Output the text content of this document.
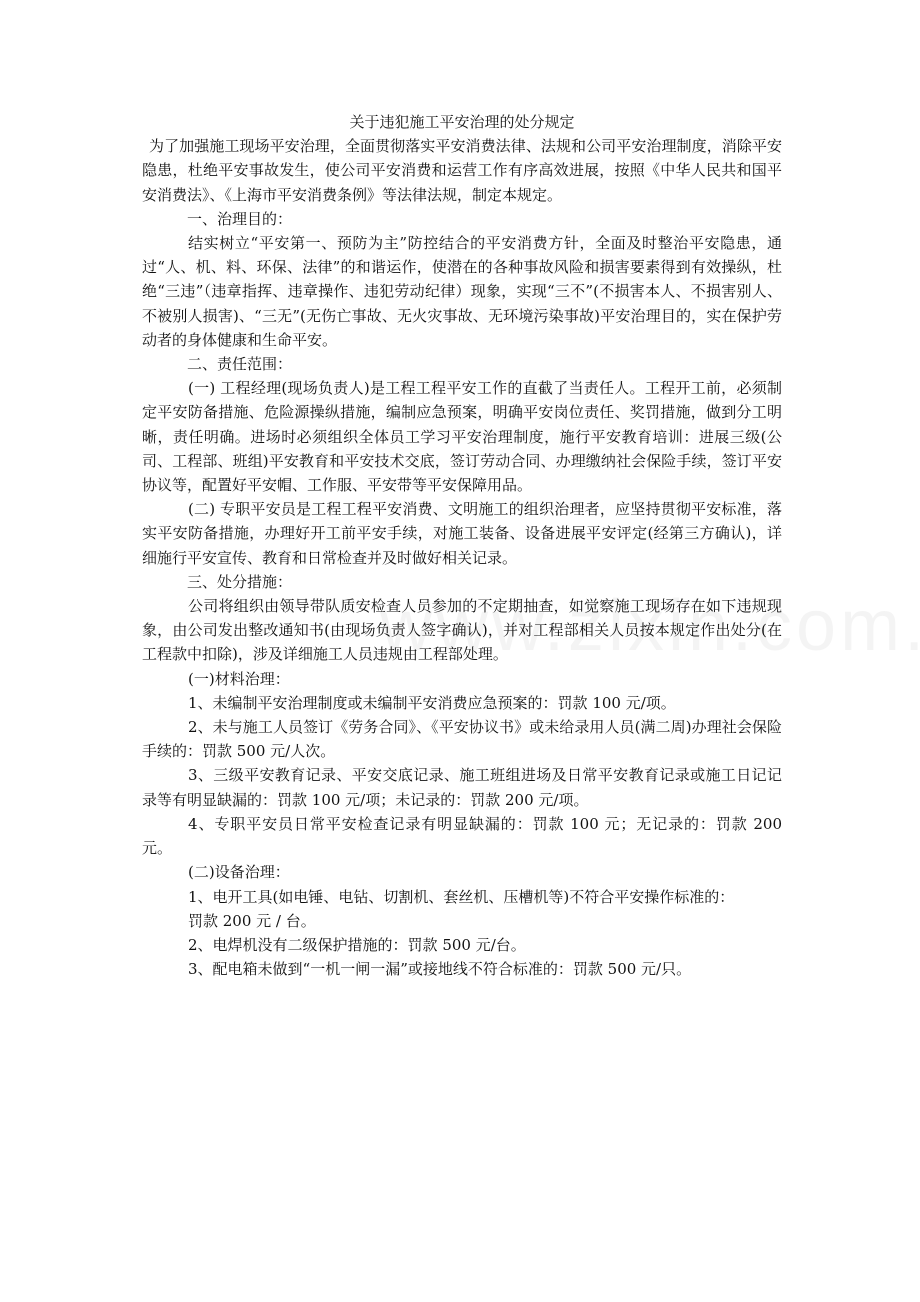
关于违犯施工平安治理的处分规定

为了加强施工现场平安治理，全面贯彻落实平安消费法律、法规和公司平安治理制度，消除平安隐患，杜绝平安事故发生，使公司平安消费和运营工作有序高效进展，按照《中华人民共和国平安消费法》、《上海市平安消费条例》等法律法规，制定本规定。

一、治理目的：

结实树立“平安第一、预防为主”防控结合的平安消费方针，全面及时整治平安隐患，通过“人、机、料、环保、法律”的和谐运作，使潜在的各种事故风险和损害要素得到有效操纵，杜绝“三违”（违章指挥、违章操作、违犯劳动纪律）现象，实现“三不”(不损害本人、不损害别人、不被别人损害)、“三无”(无伤亡事故、无火灾事故、无环境污染事故)平安治理目的，实在保护劳动者的身体健康和生命平安。

二、责任范围：

(一) 工程经理(现场负责人)是工程工程平安工作的直截了当责任人。工程开工前，必须制定平安防备措施、危险源操纵措施，编制应急预案，明确平安岗位责任、奖罚措施，做到分工明晰，责任明确。进场时必须组织全体员工学习平安治理制度，施行平安教育培训：进展三级(公司、工程部、班组)平安教育和平安技术交底，签订劳动合同、办理缴纳社会保险手续，签订平安协议等，配置好平安帽、工作服、平安带等平安保障用品。

(二) 专职平安员是工程工程平安消费、文明施工的组织治理者，应坚持贯彻平安标准，落实平安防备措施，办理好开工前平安手续，对施工装备、设备进展平安评定(经第三方确认)，详细施行平安宣传、教育和日常检查并及时做好相关记录。

三、处分措施：

公司将组织由领导带队质安检查人员参加的不定期抽查，如觉察施工现场存在如下违规现象，由公司发出整改通知书(由现场负责人签字确认)，并对工程部相关人员按本规定作出处分(在工程款中扣除)，涉及详细施工人员违规由工程部处理。

(一)材料治理：

1、未编制平安治理制度或未编制平安消费应急预案的：罚款 100 元/项。

2、未与施工人员签订《劳务合同》、《平安协议书》或未给录用人员(满二周)办理社会保险手续的：罚款 500 元/人次。

3、三级平安教育记录、平安交底记录、施工班组进场及日常平安教育记录或施工日记记录等有明显缺漏的：罚款 100 元/项；未记录的：罚款 200 元/项。

4、专职平安员日常平安检查记录有明显缺漏的：罚款 100 元；无记录的：罚款 200 元。

(二)设备治理：

1、电开工具(如电锤、电钻、切割机、套丝机、压槽机等)不符合平安操作标准的：

罚款 200 元 / 台。

2、电焊机没有二级保护措施的：罚款 500 元/台。

3、配电箱未做到“一机一闸一漏”或接地线不符合标准的：罚款 500 元/只。
